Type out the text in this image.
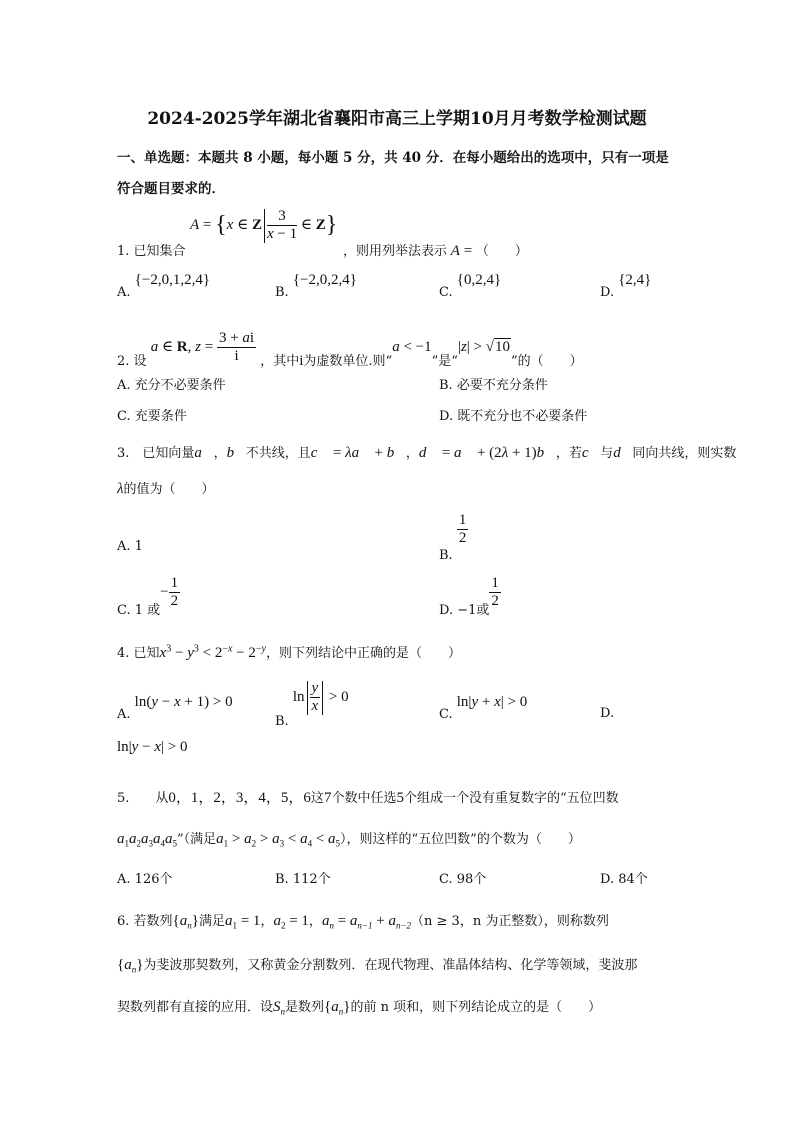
2024-2025学年湖北省襄阳市高三上学期10月月考数学检测试题
一、单选题：本题共 8 小题，每小题 5 分，共 40 分．在每小题给出的选项中，只有一项是
符合题目要求的．
A = {x ∈ Z $\frac{3}{x - 1}$ ∈ Z}
1. 已知集合	，则用列举法表示 A = （　　）
A. {−2,0,1,2,4}
B. {−2,0,2,4}
C. {0,2,4}
D. {2,4}
2. 设 a ∈ R, $z = \frac{3 + ai}{i}$ ，其中i为虚数单位.则“a < −1”是“|z| > √10”的（　　）
A. 充分不必要条件	B. 必要不充分条件
C. 充要条件	D. 既不充分也不必要条件
3.　已知向量a⃗，b⃗不共线，且c⃗ = λa⃗ + b⃗，d⃗ = a⃗ + (2λ + 1)b⃗，若c⃗与d⃗同向共线，则实数
λ的值为（　　）
A. 1
B.
$\frac{1}{2}$
C. 1 或− $\frac{1}{2}$
D. −1或
$\frac{1}{2}$
4. 已知$x^3 - y^3 < 2^{-x} - 2^{-y}$，则下列结论中正确的是（　　）
A. ln(y − x + 1) > 0
B. $\ln \frac{y}{x} > 0$
C. ln|y + x| > 0
D.
ln|y − x| > 0
5.　　从0，1，2，3，4，5，6这7个数中任选5个组成一个没有重复数字的“五位凹数
$a_1a_2a_3a_4a_5$”（满足$a_1 > a_2 > a_3 < a_4 < a_5$），则这样的“五位凹数”的个数为（　　）
A. 126个	B. 112个	C. 98个	D. 84个
6. 若数列$\{a_n\}$满足$a_1 = 1$，$a_2 = 1$，$a_n = a_{n-1} + a_{n-2}(n \ge 3$，n 为正整数），则称数列
$\{a_n\}$为斐波那契数列，又称黄金分割数列．在现代物理、准晶体结构、化学等领域，斐波那
契数列都有直接的应用．设$S_n$是数列$\{a_n\}$的前 n 项和，则下列结论成立的是（　　）
